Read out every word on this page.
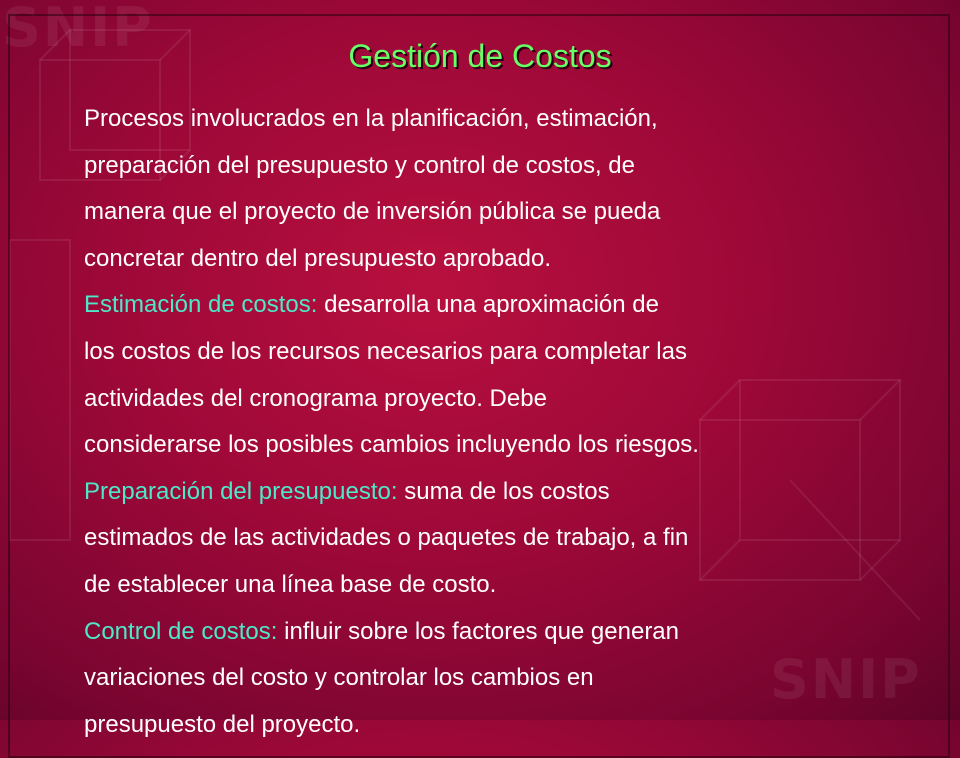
SNIP
SNIP
Gestión de Costos
Procesos involucrados en la planificación, estimación,
preparación del presupuesto y control de costos, de
manera que el proyecto de inversión pública se pueda
concretar dentro del presupuesto aprobado.
Estimación de costos: desarrolla una aproximación de
los costos de los recursos necesarios para completar las
actividades del cronograma proyecto. Debe
considerarse los posibles cambios incluyendo los riesgos.
Preparación del presupuesto: suma de los costos
estimados de las actividades o paquetes de trabajo, a fin
de establecer una línea base de costo.
Control de costos: influir sobre los factores que generan
variaciones del costo y controlar los cambios en
presupuesto del proyecto.
